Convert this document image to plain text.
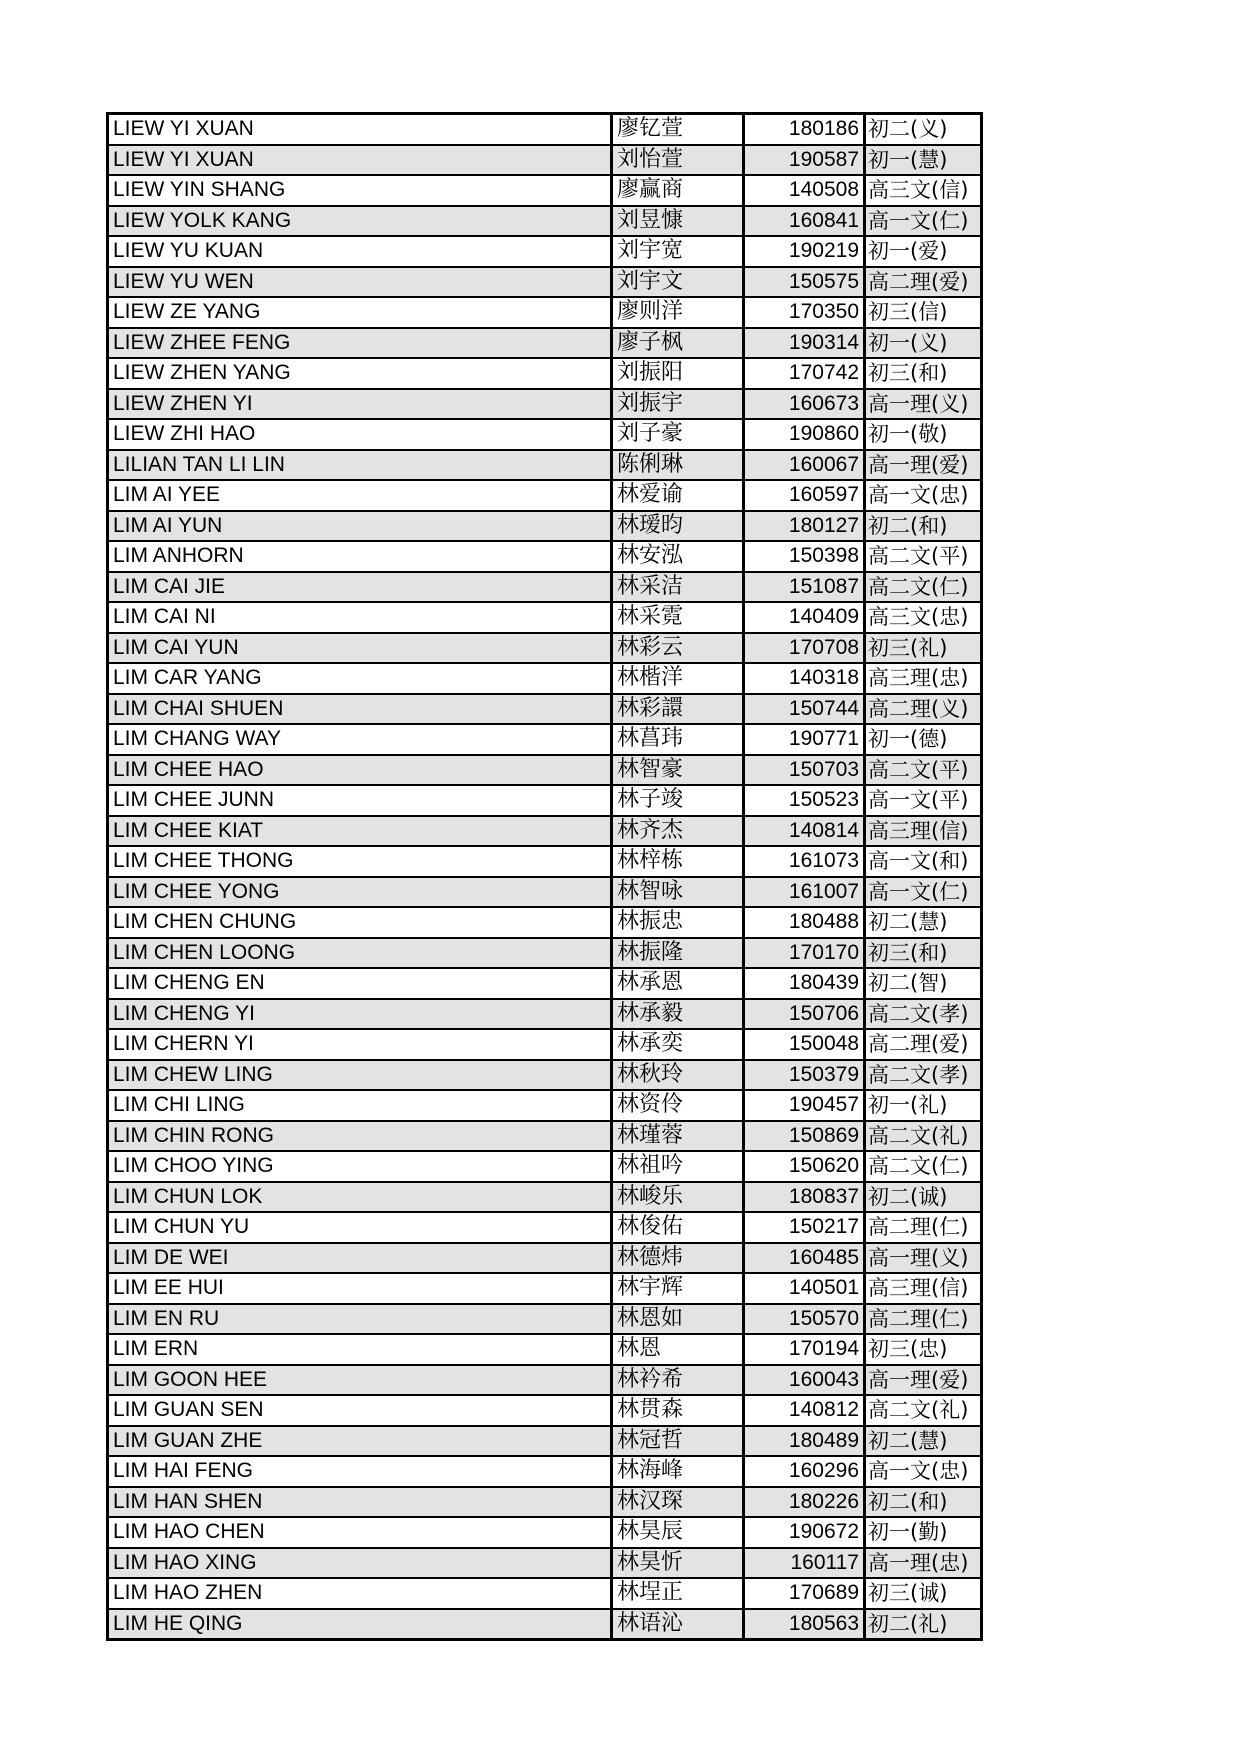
LIEW YI XUAN	廖钇萱	180186	初二(义)
LIEW YI XUAN	刘怡萱	190587	初一(慧)
LIEW YIN SHANG	廖赢商	140508	高三文(信)
LIEW YOLK KANG	刘昱慷	160841	高一文(仁)
LIEW YU KUAN	刘宇宽	190219	初一(爱)
LIEW YU WEN	刘宇文	150575	高二理(爱)
LIEW ZE YANG	廖则洋	170350	初三(信)
LIEW ZHEE FENG	廖子枫	190314	初一(义)
LIEW ZHEN YANG	刘振阳	170742	初三(和)
LIEW ZHEN YI	刘振宇	160673	高一理(义)
LIEW ZHI HAO	刘子豪	190860	初一(敬)
LILIAN TAN LI LIN	陈俐琳	160067	高一理(爱)
LIM AI YEE	林爱谕	160597	高一文(忠)
LIM AI YUN	林瑷昀	180127	初二(和)
LIM ANHORN	林安泓	150398	高二文(平)
LIM CAI JIE	林采洁	151087	高二文(仁)
LIM CAI NI	林采霓	140409	高三文(忠)
LIM CAI YUN	林彩云	170708	初三(礼)
LIM CAR YANG	林楷洋	140318	高三理(忠)
LIM CHAI SHUEN	林彩譞	150744	高二理(义)
LIM CHANG WAY	林菖玮	190771	初一(德)
LIM CHEE HAO	林智豪	150703	高二文(平)
LIM CHEE JUNN	林子竣	150523	高一文(平)
LIM CHEE KIAT	林齐杰	140814	高三理(信)
LIM CHEE THONG	林梓栋	161073	高一文(和)
LIM CHEE YONG	林智咏	161007	高一文(仁)
LIM CHEN CHUNG	林振忠	180488	初二(慧)
LIM CHEN LOONG	林振隆	170170	初三(和)
LIM CHENG EN	林承恩	180439	初二(智)
LIM CHENG YI	林承毅	150706	高二文(孝)
LIM CHERN YI	林承奕	150048	高二理(爱)
LIM CHEW LING	林秋玲	150379	高二文(孝)
LIM CHI LING	林资伶	190457	初一(礼)
LIM CHIN RONG	林瑾蓉	150869	高二文(礼)
LIM CHOO YING	林祖吟	150620	高二文(仁)
LIM CHUN LOK	林峻乐	180837	初二(诚)
LIM CHUN YU	林俊佑	150217	高二理(仁)
LIM DE WEI	林德炜	160485	高一理(义)
LIM EE HUI	林宇辉	140501	高三理(信)
LIM EN RU	林恩如	150570	高二理(仁)
LIM ERN	林恩	170194	初三(忠)
LIM GOON HEE	林衿希	160043	高一理(爱)
LIM GUAN SEN	林贯森	140812	高二文(礼)
LIM GUAN ZHE	林冠哲	180489	初二(慧)
LIM HAI FENG	林海峰	160296	高一文(忠)
LIM HAN SHEN	林汉琛	180226	初二(和)
LIM HAO CHEN	林昊辰	190672	初一(勤)
LIM HAO XING	林昊忻	160117	高一理(忠)
LIM HAO ZHEN	林埕正	170689	初三(诚)
LIM HE QING	林语沁	180563	初二(礼)
